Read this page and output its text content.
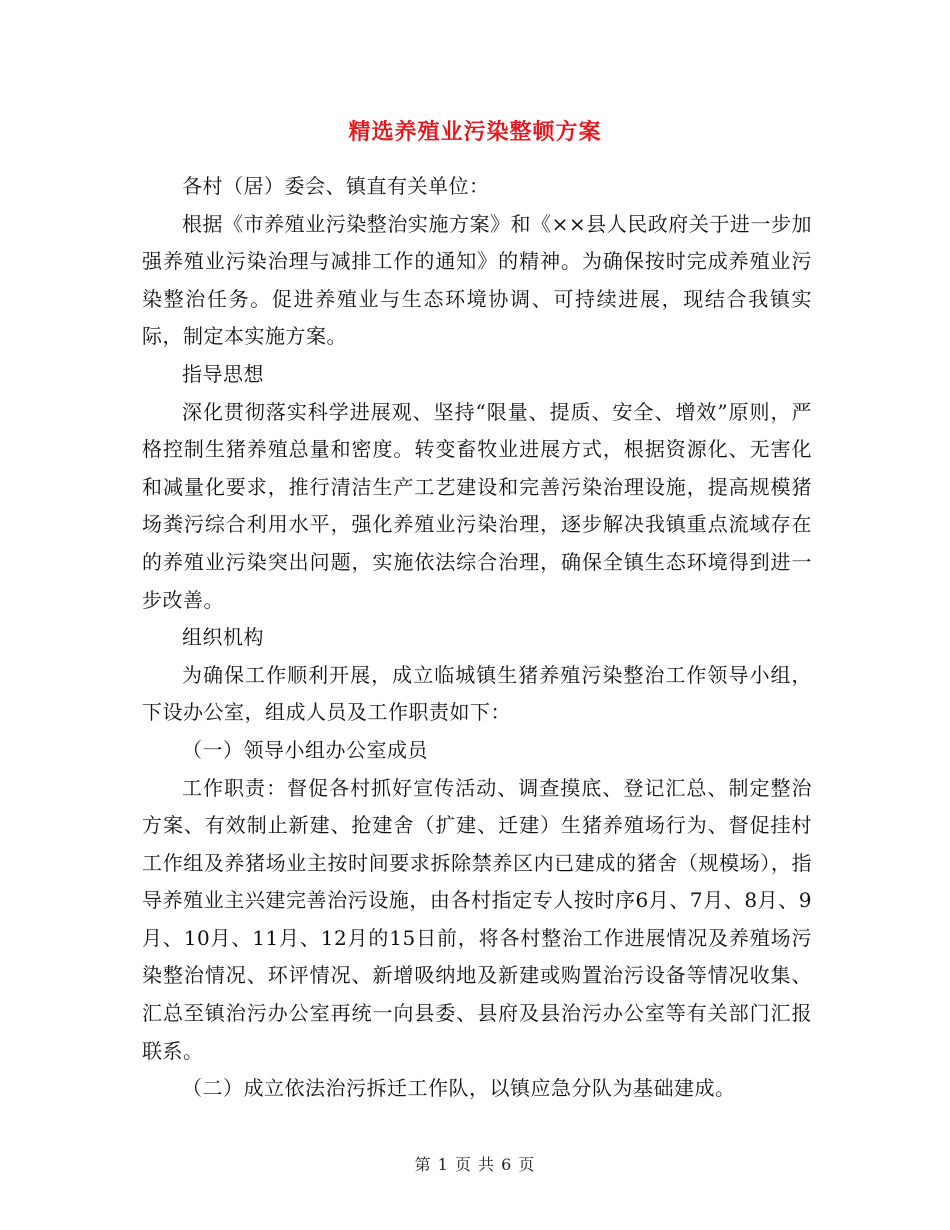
精选养殖业污染整顿方案

各村（居）委会、镇直有关单位：

根据《市养殖业污染整治实施方案》和《××县人民政府关于进一步加强养殖业污染治理与减排工作的通知》的精神。为确保按时完成养殖业污染整治任务。促进养殖业与生态环境协调、可持续进展，现结合我镇实际，制定本实施方案。

指导思想

深化贯彻落实科学进展观、坚持“限量、提质、安全、增效”原则，严格控制生猪养殖总量和密度。转变畜牧业进展方式，根据资源化、无害化和减量化要求，推行清洁生产工艺建设和完善污染治理设施，提高规模猪场粪污综合利用水平，强化养殖业污染治理，逐步解决我镇重点流域存在的养殖业污染突出问题，实施依法综合治理，确保全镇生态环境得到进一步改善。

组织机构

为确保工作顺利开展，成立临城镇生猪养殖污染整治工作领导小组，下设办公室，组成人员及工作职责如下：

（一）领导小组办公室成员

工作职责：督促各村抓好宣传活动、调查摸底、登记汇总、制定整治方案、有效制止新建、抢建舍（扩建、迁建）生猪养殖场行为、督促挂村工作组及养猪场业主按时间要求拆除禁养区内已建成的猪舍（规模场），指导养殖业主兴建完善治污设施，由各村指定专人按时序6月、7月、8月、9月、10月、11月、12月的15日前，将各村整治工作进展情况及养殖场污染整治情况、环评情况、新增吸纳地及新建或购置治污设备等情况收集、汇总至镇治污办公室再统一向县委、县府及县治污办公室等有关部门汇报联系。

（二）成立依法治污拆迁工作队，以镇应急分队为基础建成。

第 1 页 共 6 页
